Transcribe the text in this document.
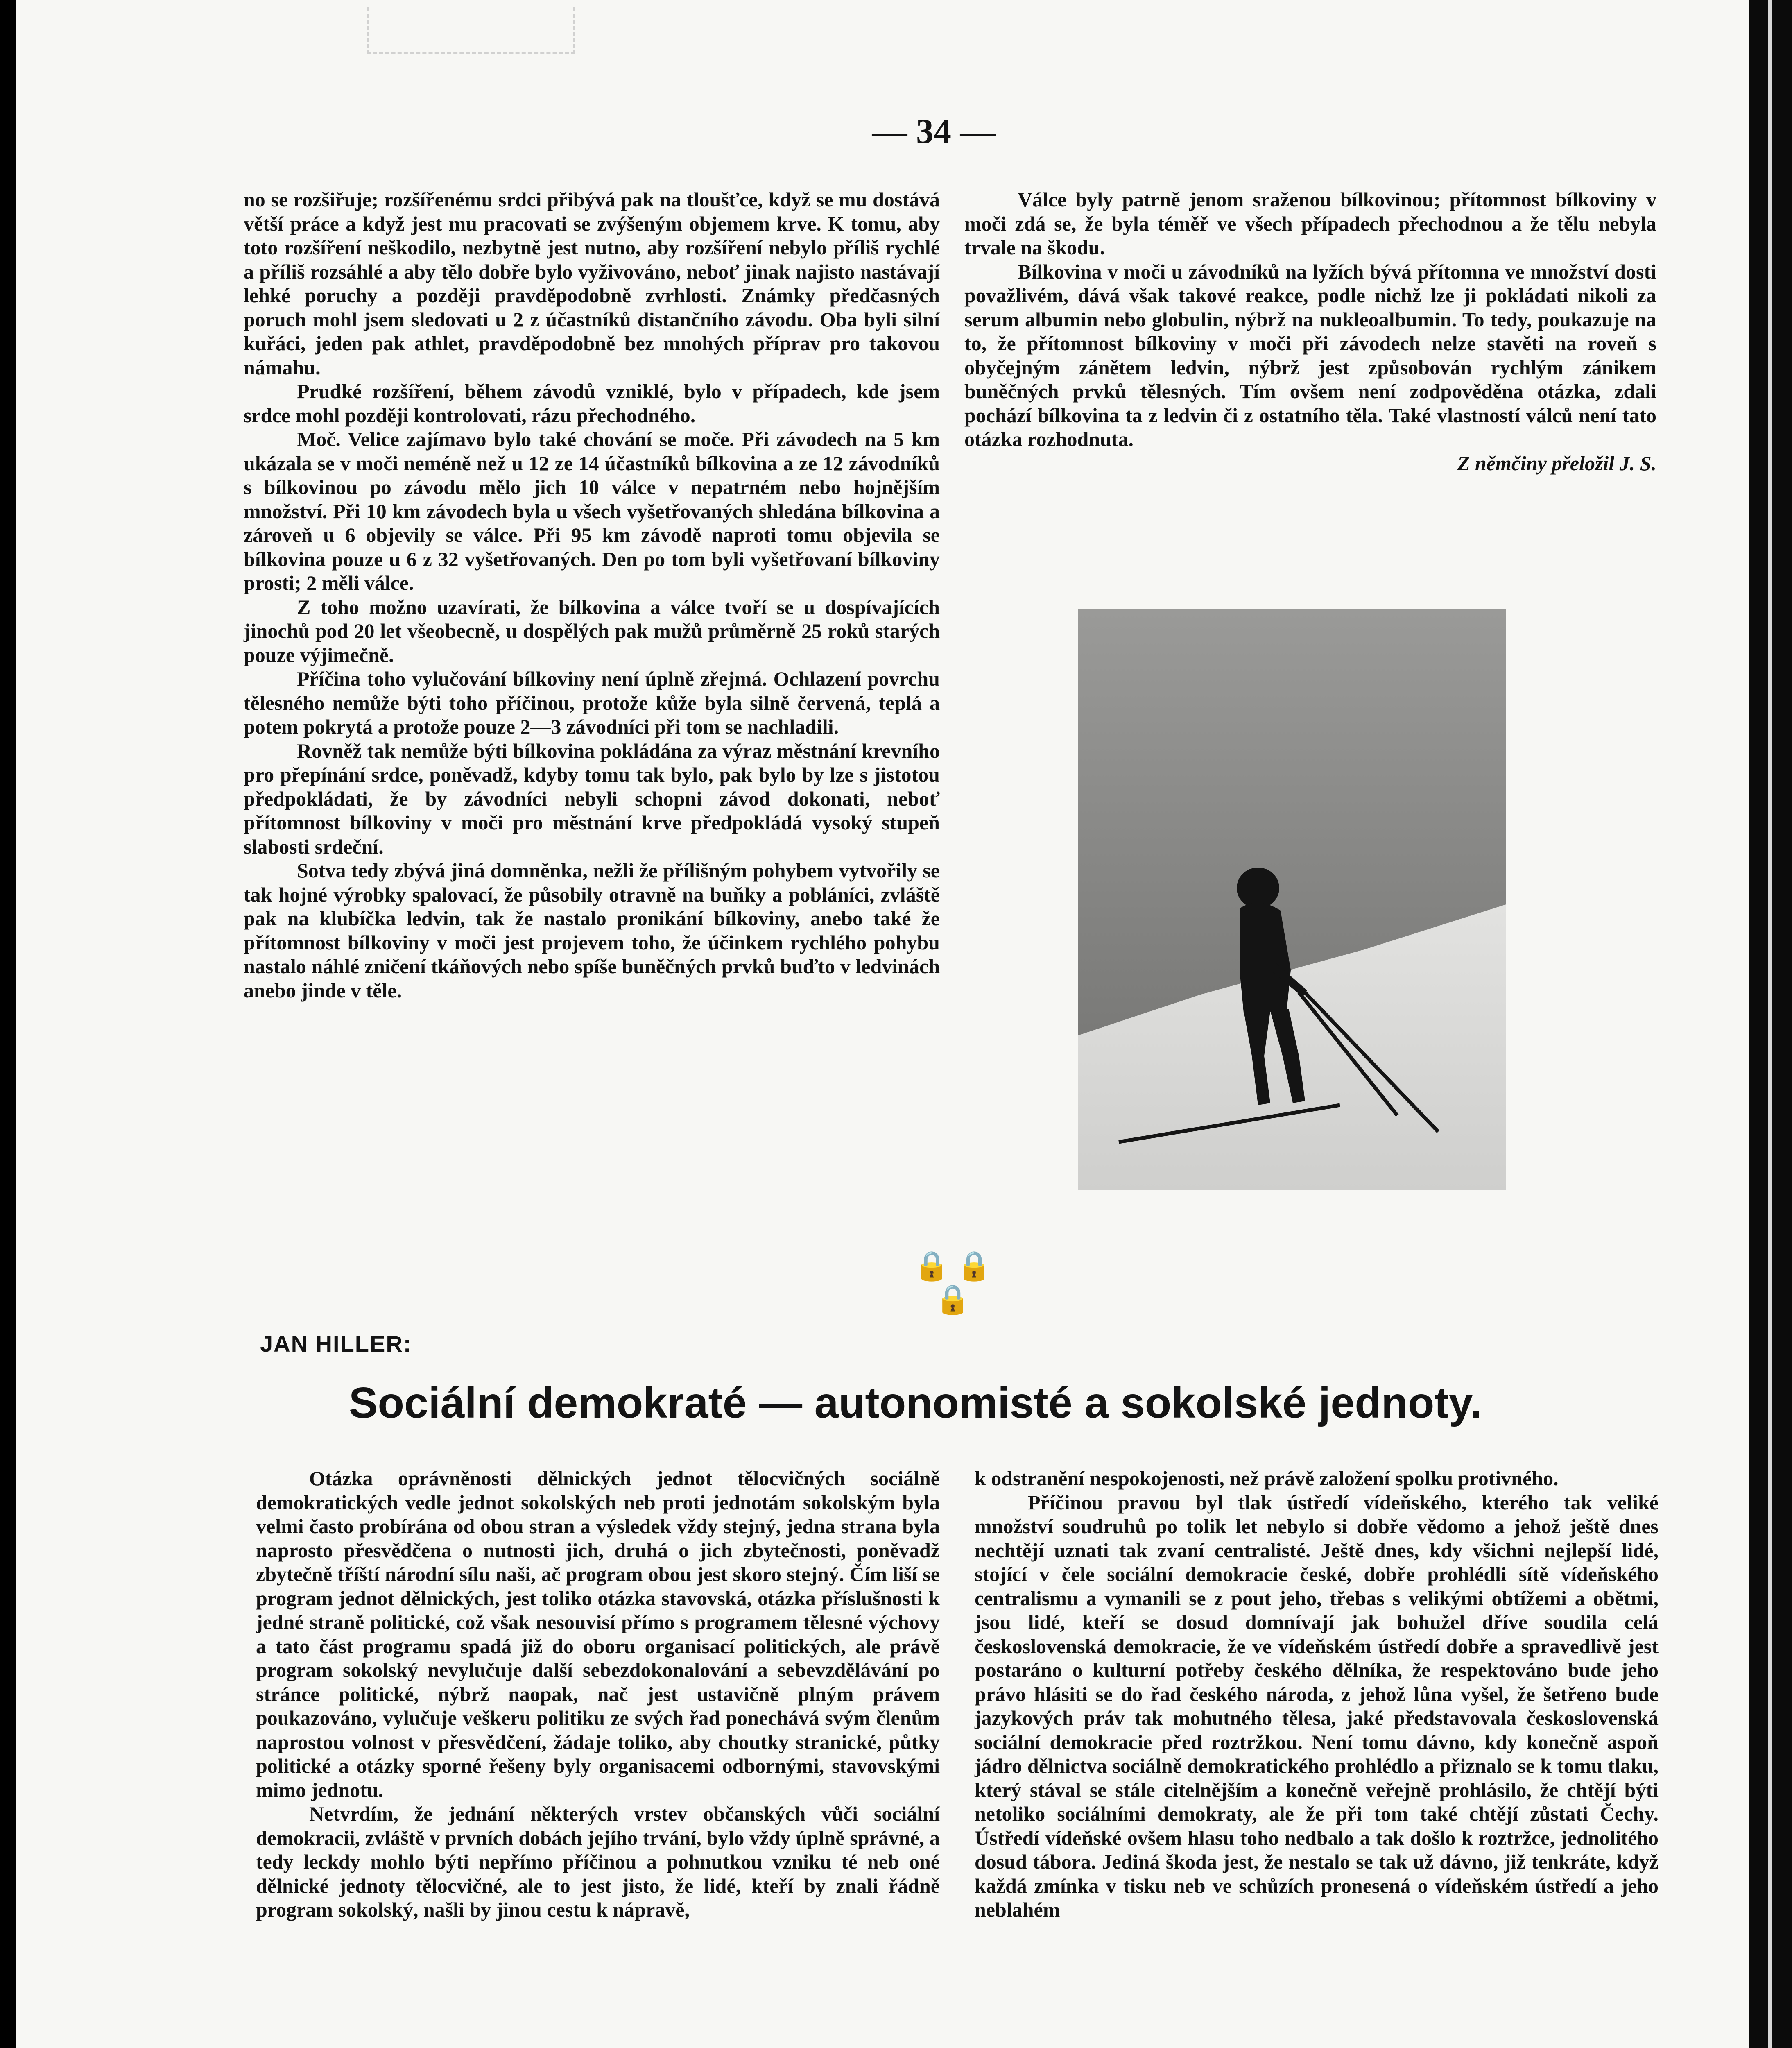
— 34 —

no se rozšiřuje; rozšířenému srdci přibývá pak na tloušťce, když se mu dostává větší práce a když jest mu pracovati se zvýšeným objemem krve. K tomu, aby toto rozšíření neškodilo, nezbytně jest nutno, aby rozšíření nebylo příliš rychlé a příliš rozsáhlé a aby tělo dobře bylo vyživováno, neboť jinak najisto nastávají lehké poruchy a později pravděpodobně zvrhlosti. Známky předčasných poruch mohl jsem sledovati u 2 z účastníků distančního závodu. Oba byli silní kuřáci, jeden pak athlet, pravděpodobně bez mnohých příprav pro takovou námahu.

Prudké rozšíření, během závodů vzniklé, bylo v případech, kde jsem srdce mohl později kontrolovati, rázu přechodného.

Moč. Velice zajímavo bylo také chování se moče. Při závodech na 5 km ukázala se v moči neméně než u 12 ze 14 účastníků bílkovina a ze 12 závodníků s bílkovinou po závodu mělo jich 10 válce v nepatrném nebo hojnějším množství. Při 10 km závodech byla u všech vyšetřovaných shledána bílkovina a zároveň u 6 objevily se válce. Při 95 km závodě naproti tomu objevila se bílkovina pouze u 6 z 32 vyšetřovaných. Den po tom byli vyšetřovaní bílkoviny prosti; 2 měli válce.

Z toho možno uzavírati, že bílkovina a válce tvoří se u dospívajících jinochů pod 20 let všeobecně, u dospělých pak mužů průměrně 25 roků starých pouze výjimečně.

Příčina toho vylučování bílkoviny není úplně zřejmá. Ochlazení povrchu tělesného nemůže býti toho příčinou, protože kůže byla silně červená, teplá a potem pokrytá a protože pouze 2—3 závodníci při tom se nachladili.

Rovněž tak nemůže býti bílkovina pokládána za výraz městnání krevního pro přepínání srdce, poněvadž, kdyby tomu tak bylo, pak bylo by lze s jistotou předpokládati, že by závodníci nebyli schopni závod dokonati, neboť přítomnost bílkoviny v moči pro městnání krve předpokládá vysoký stupeň slabosti srdeční.

Sotva tedy zbývá jiná domněnka, nežli že přílišným pohybem vytvořily se tak hojné výrobky spalovací, že působily otravně na buňky a pobláníci, zvláště pak na klubíčka ledvin, tak že nastalo pronikání bílkoviny, anebo také že přítomnost bílkoviny v moči jest projevem toho, že účinkem rychlého pohybu nastalo náhlé zničení tkáňových nebo spíše buněčných prvků buďto v ledvinách anebo jinde v těle.

Válce byly patrně jenom sraženou bílkovinou; přítomnost bílkoviny v moči zdá se, že byla téměř ve všech případech přechodnou a že tělu nebyla trvale na škodu.

Bílkovina v moči u závodníků na lyžích bývá přítomna ve množství dosti považlivém, dává však takové reakce, podle nichž lze ji pokládati nikoli za serum albumin nebo globulin, nýbrž na nukleoalbumin. To tedy, poukazuje na to, že přítomnost bílkoviny v moči při závodech nelze stavěti na roveň s obyčejným zánětem ledvin, nýbrž jest způsobován rychlým zánikem buněčných prvků tělesných. Tím ovšem není zodpověděna otázka, zdali pochází bílkovina ta z ledvin či z ostatního těla. Také vlastností válců není tato otázka rozhodnuta.

Z němčiny přeložil J. S.

🔒🔒🔒
JAN HILLER:
Sociální demokraté — autonomisté a sokolské jednoty.

Otázka oprávněnosti dělnických jednot tělocvičných sociálně demokratických vedle jednot sokolských neb proti jednotám sokolským byla velmi často probírána od obou stran a výsledek vždy stejný, jedna strana byla naprosto přesvědčena o nutnosti jich, druhá o jich zbytečnosti, poněvadž zbytečně tříští národní sílu naši, ač program obou jest skoro stejný. Čím liší se program jednot dělnických, jest toliko otázka stavovská, otázka příslušnosti k jedné straně politické, což však nesouvisí přímo s programem tělesné výchovy a tato část programu spadá již do oboru organisací politických, ale právě program sokolský nevylučuje další sebezdokonalování a sebevzdělávání po stránce politické, nýbrž naopak, nač jest ustavičně plným právem poukazováno, vylučuje veškeru politiku ze svých řad ponechává svým členům naprostou volnost v přesvědčení, žádaje toliko, aby choutky stranické, půtky politické a otázky sporné řešeny byly organisacemi odbornými, stavovskými mimo jednotu.

Netvrdím, že jednání některých vrstev občanských vůči sociální demokracii, zvláště v prvních dobách jejího trvání, bylo vždy úplně správné, a tedy leckdy mohlo býti nepřímo příčinou a pohnutkou vzniku té neb oné dělnické jednoty tělocvičné, ale to jest jisto, že lidé, kteří by znali řádně program sokolský, našli by jinou cestu k nápravě,

k odstranění nespokojenosti, než právě založení spolku protivného.

Příčinou pravou byl tlak ústředí vídeňského, kterého tak veliké množství soudruhů po tolik let nebylo si dobře vědomo a jehož ještě dnes nechtějí uznati tak zvaní centralisté. Ještě dnes, kdy všichni nejlepší lidé, stojící v čele sociální demokracie české, dobře prohlédli sítě vídeňského centralismu a vymanili se z pout jeho, třebas s velikými obtížemi a obětmi, jsou lidé, kteří se dosud domnívají jak bohužel dříve soudila celá československá demokracie, že ve vídeňském ústředí dobře a spravedlivě jest postaráno o kulturní potřeby českého dělníka, že respektováno bude jeho právo hlásiti se do řad českého národa, z jehož lůna vyšel, že šetřeno bude jazykových práv tak mohutného tělesa, jaké představovala československá sociální demokracie před roztržkou. Není tomu dávno, kdy konečně aspoň jádro dělnictva sociálně demokratického prohlédlo a přiznalo se k tomu tlaku, který stával se stále citelnějším a konečně veřejně prohlásilo, že chtějí býti netoliko sociálními demokraty, ale že při tom také chtějí zůstati Čechy. Ústředí vídeňské ovšem hlasu toho nedbalo a tak došlo k roztržce, jednolitého dosud tábora. Jediná škoda jest, že nestalo se tak už dávno, již tenkráte, když každá zmínka v tisku neb ve schůzích pronesená o vídeňském ústředí a jeho neblahém
